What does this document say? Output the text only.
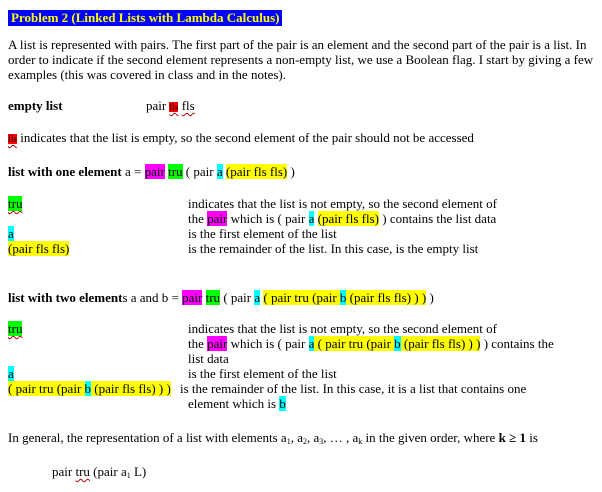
Problem 2 (Linked Lists with Lambda Calculus)
A list is represented with pairs. The first part of the pair is an element and the second part of the pair is a list. In order to indicate if the second element represents a non-empty list, we use a Boolean flag. I start by giving a few examples (this was covered in class and in the notes).
empty list	pair fls fls
fls indicates that the list is empty, so the second element of the pair should not be accessed
list with one element a = pair tru ( pair a (pair fls fls) )
tru	indicates that the list is not empty, so the second element of
the pair which is ( pair a (pair fls fls) ) contains the list data
a	is the first element of the list
(pair fls fls)	is the remainder of the list. In this case, is the empty list
list with two elements a and b = pair tru ( pair a ( pair tru (pair b (pair fls fls) ) ) )
tru	indicates that the list is not empty, so the second element of
the pair which is ( pair a ( pair tru (pair b (pair fls fls) ) ) ) contains the
list data
a	is the first element of the list
( pair tru (pair b (pair fls fls) ) ) is the remainder of the list. In this case, it is a list that contains one
element which is b
In general, the representation of a list with elements $a_1$, $a_2$, $a_3$, … , $a_k$ in the given order, where k ≥ 1 is
pair tru (pair $a_1$ L)
